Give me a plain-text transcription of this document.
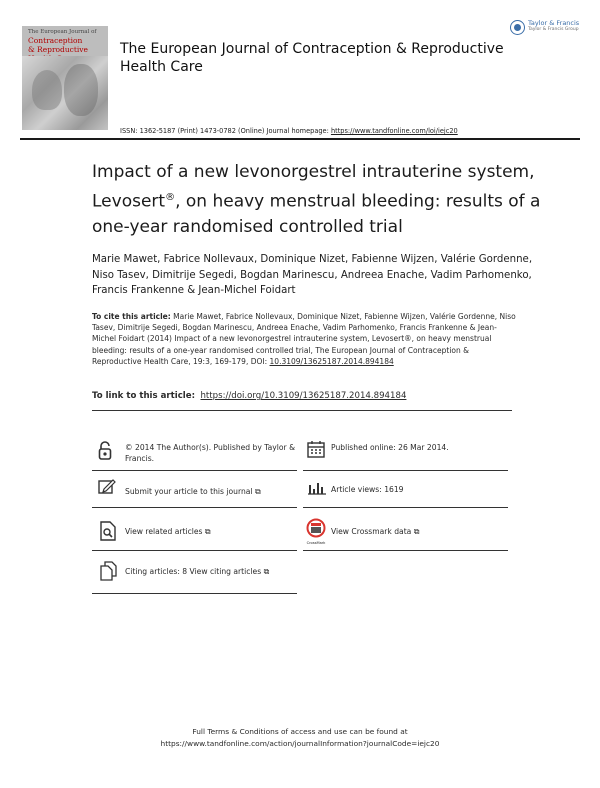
The European Journal of
Contraception
& Reproductive	The European Journal of Contraception & Reproductive Health Care
Taylor & Francis
Taylor & Francis Group
ISSN: 1362-5187 (Print) 1473-0782 (Online) Journal homepage: https://www.tandfonline.com/loi/iejc20
Impact of a new levonorgestrel intrauterine system, Levosert®, on heavy menstrual bleeding: results of a one-year randomised controlled trial
Marie Mawet, Fabrice Nollevaux, Dominique Nizet, Fabienne Wijzen, Valérie Gordenne, Niso Tasev, Dimitrije Segedi, Bogdan Marinescu, Andreea Enache, Vadim Parhomenko, Francis Frankenne & Jean-Michel Foidart
To cite this article: Marie Mawet, Fabrice Nollevaux, Dominique Nizet, Fabienne Wijzen, Valérie Gordenne, Niso Tasev, Dimitrije Segedi, Bogdan Marinescu, Andreea Enache, Vadim Parhomenko, Francis Frankenne & Jean-Michel Foidart (2014) Impact of a new levonorgestrel intrauterine system, Levosert®, on heavy menstrual bleeding: results of a one-year randomised controlled trial, The European Journal of Contraception & Reproductive Health Care, 19:3, 169-179, DOI: 10.3109/13625187.2014.894184
To link to this article: https://doi.org/10.3109/13625187.2014.894184
© 2014 The Author(s). Published by Taylor & Francis.
Published online: 26 Mar 2014.
Submit your article to this journal ⧉	Article views: 1619
View related articles ⧉
CrossMark
View Crossmark data ⧉
Citing articles: 8 View citing articles ⧉
Full Terms & Conditions of access and use can be found at
https://www.tandfonline.com/action/journalInformation?journalCode=iejc20
